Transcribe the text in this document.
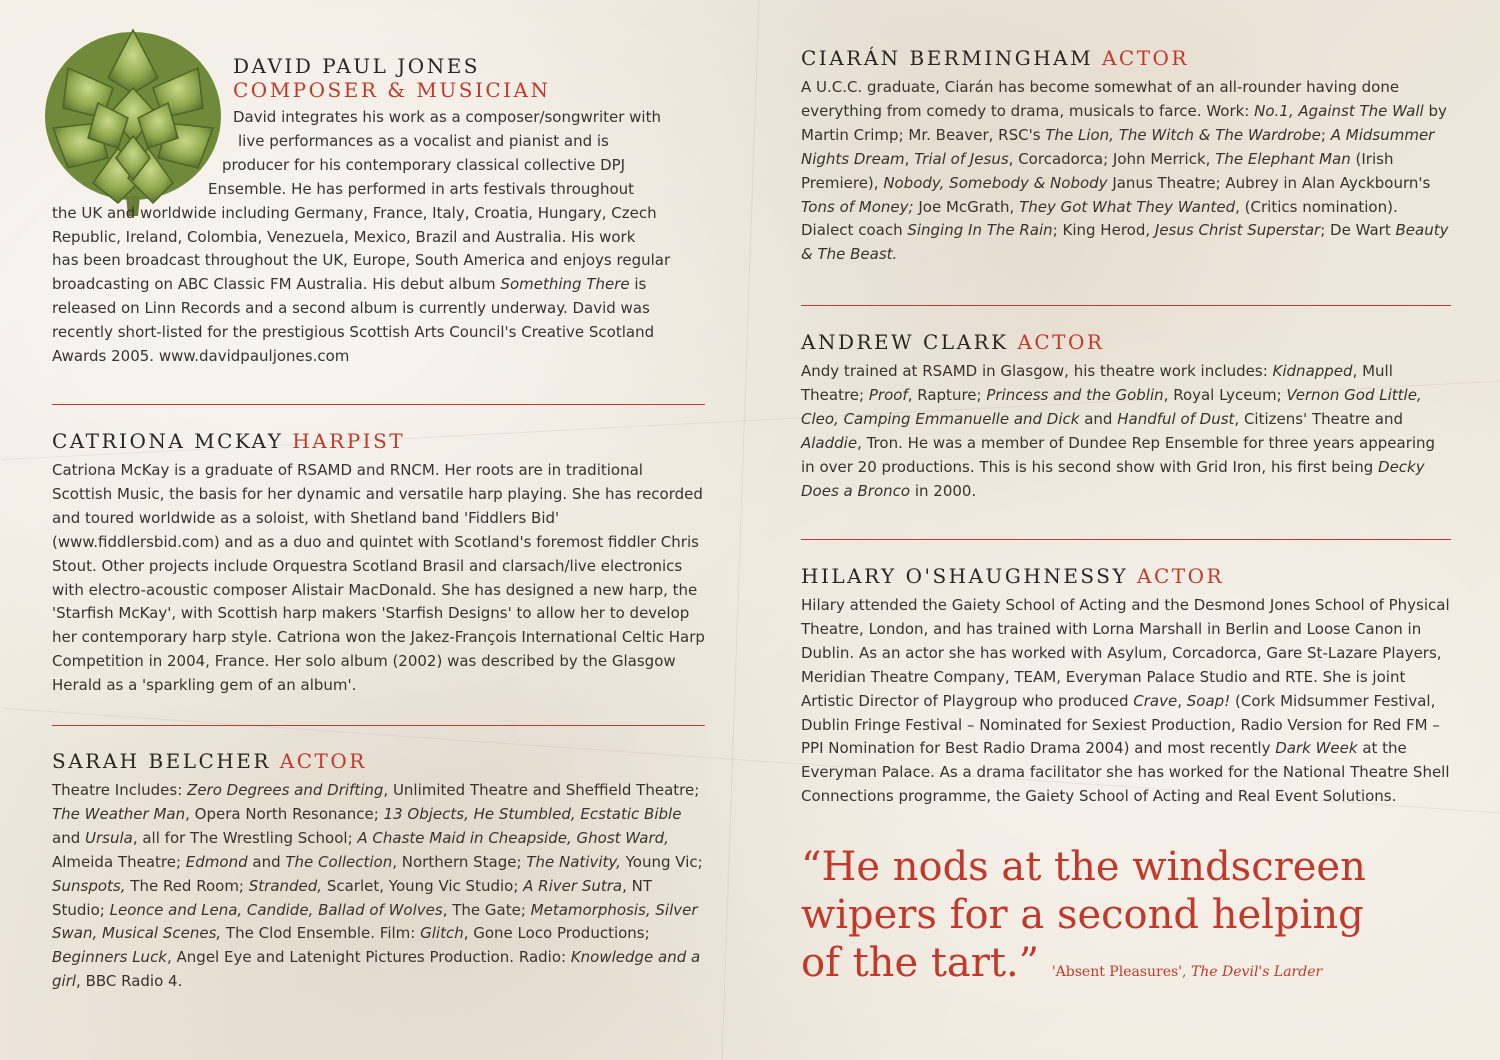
DAVID PAUL JONES
COMPOSER & MUSICIAN

David integrates his work as a composer/songwriter with
live performances as a vocalist and pianist and is
producer for his contemporary classical collective DPJ
Ensemble. He has performed in arts festivals throughout
the UK and worldwide including Germany, France, Italy, Croatia, Hungary, Czech
Republic, Ireland, Colombia, Venezuela, Mexico, Brazil and Australia. His work
has been broadcast throughout the UK, Europe, South America and enjoys regular
broadcasting on ABC Classic FM Australia. His debut album Something There is
released on Linn Records and a second album is currently underway. David was
recently short-listed for the prestigious Scottish Arts Council's Creative Scotland
Awards 2005. www.davidpauljones.com

CATRIONA MCKAY HARPIST

Catriona McKay is a graduate of RSAMD and RNCM. Her roots are in traditional Scottish Music, the basis for her dynamic and versatile harp playing. She has recorded and toured worldwide as a soloist, with Shetland band 'Fiddlers Bid' (www.fiddlersbid.com) and as a duo and quintet with Scotland's foremost fiddler Chris Stout. Other projects include Orquestra Scotland Brasil and clarsach/live electronics with electro-acoustic composer Alistair MacDonald. She has designed a new harp, the 'Starfish McKay', with Scottish harp makers 'Starfish Designs' to allow her to develop her contemporary harp style. Catriona won the Jakez-François International Celtic Harp Competition in 2004, France. Her solo album (2002) was described by the Glasgow Herald as a 'sparkling gem of an album'.

SARAH BELCHER ACTOR

Theatre Includes: Zero Degrees and Drifting, Unlimited Theatre and Sheffield Theatre; The Weather Man, Opera North Resonance; 13 Objects, He Stumbled, Ecstatic Bible and Ursula, all for The Wrestling School; A Chaste Maid in Cheapside, Ghost Ward, Almeida Theatre; Edmond and The Collection, Northern Stage; The Nativity, Young Vic; Sunspots, The Red Room; Stranded, Scarlet, Young Vic Studio; A River Sutra, NT Studio; Leonce and Lena, Candide, Ballad of Wolves, The Gate; Metamorphosis, Silver Swan, Musical Scenes, The Clod Ensemble. Film: Glitch, Gone Loco Productions; Beginners Luck, Angel Eye and Latenight Pictures Production. Radio: Knowledge and a girl, BBC Radio 4.

CIARÁN BERMINGHAM ACTOR

A U.C.C. graduate, Ciarán has become somewhat of an all-rounder having done everything from comedy to drama, musicals to farce. Work: No.1, Against The Wall by Martin Crimp; Mr. Beaver, RSC's The Lion, The Witch & The Wardrobe; A Midsummer Nights Dream, Trial of Jesus, Corcadorca; John Merrick, The Elephant Man (Irish Premiere), Nobody, Somebody & Nobody Janus Theatre; Aubrey in Alan Ayckbourn's Tons of Money; Joe McGrath, They Got What They Wanted, (Critics nomination). Dialect coach Singing In The Rain; King Herod, Jesus Christ Superstar; De Wart Beauty & The Beast.

ANDREW CLARK ACTOR

Andy trained at RSAMD in Glasgow, his theatre work includes: Kidnapped, Mull Theatre; Proof, Rapture; Princess and the Goblin, Royal Lyceum; Vernon God Little, Cleo, Camping Emmanuelle and Dick and Handful of Dust, Citizens' Theatre and Aladdie, Tron. He was a member of Dundee Rep Ensemble for three years appearing in over 20 productions. This is his second show with Grid Iron, his first being Decky Does a Bronco in 2000.

HILARY O'SHAUGHNESSY ACTOR

Hilary attended the Gaiety School of Acting and the Desmond Jones School of Physical Theatre, London, and has trained with Lorna Marshall in Berlin and Loose Canon in Dublin. As an actor she has worked with Asylum, Corcadorca, Gare St-Lazare Players, Meridian Theatre Company, TEAM, Everyman Palace Studio and RTE. She is joint Artistic Director of Playgroup who produced Crave, Soap! (Cork Midsummer Festival, Dublin Fringe Festival – Nominated for Sexiest Production, Radio Version for Red FM – PPI Nomination for Best Radio Drama 2004) and most recently Dark Week at the Everyman Palace. As a drama facilitator she has worked for the National Theatre Shell Connections programme, the Gaiety School of Acting and Real Event Solutions.

“He nods at the windscreen
wipers for a second helping
of the tart.” 'Absent Pleasures', The Devil's Larder
